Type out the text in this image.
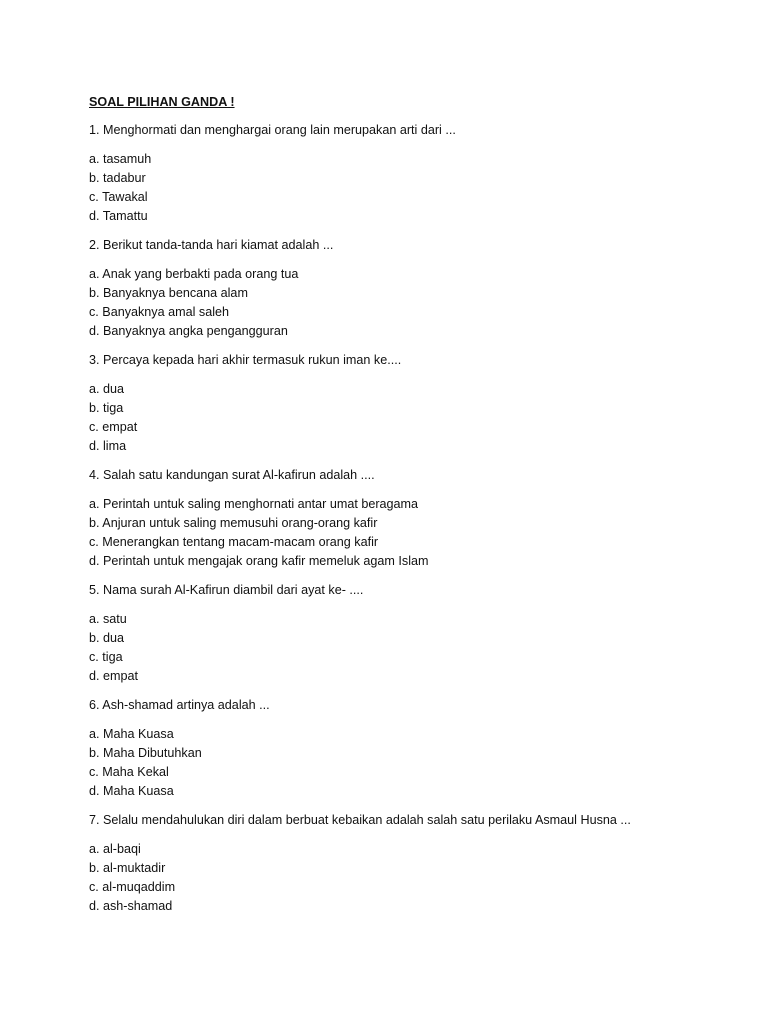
SOAL PILIHAN GANDA !
1. Menghormati dan menghargai orang lain merupakan arti dari ...
a. tasamuh
b. tadabur
c. Tawakal
d. Tamattu
2. Berikut tanda-tanda hari kiamat adalah ...
a. Anak yang berbakti pada orang tua
b. Banyaknya bencana alam
c. Banyaknya amal saleh
d. Banyaknya angka pengangguran
3. Percaya kepada hari akhir termasuk rukun iman ke....
a. dua
b. tiga
c. empat
d. lima
4. Salah satu kandungan surat Al-kafirun adalah ....
a. Perintah untuk saling menghornati antar umat beragama
b. Anjuran untuk saling memusuhi orang-orang kafir
c. Menerangkan tentang macam-macam orang kafir
d. Perintah untuk mengajak orang kafir memeluk agam Islam
5. Nama surah Al-Kafirun diambil dari ayat ke- ....
a. satu
b. dua
c. tiga
d. empat
6. Ash-shamad artinya adalah ...
a. Maha Kuasa
b. Maha Dibutuhkan
c. Maha Kekal
d. Maha Kuasa
7. Selalu mendahulukan diri dalam berbuat kebaikan adalah salah satu perilaku Asmaul Husna ...
a. al-baqi
b. al-muktadir
c. al-muqaddim
d. ash-shamad
